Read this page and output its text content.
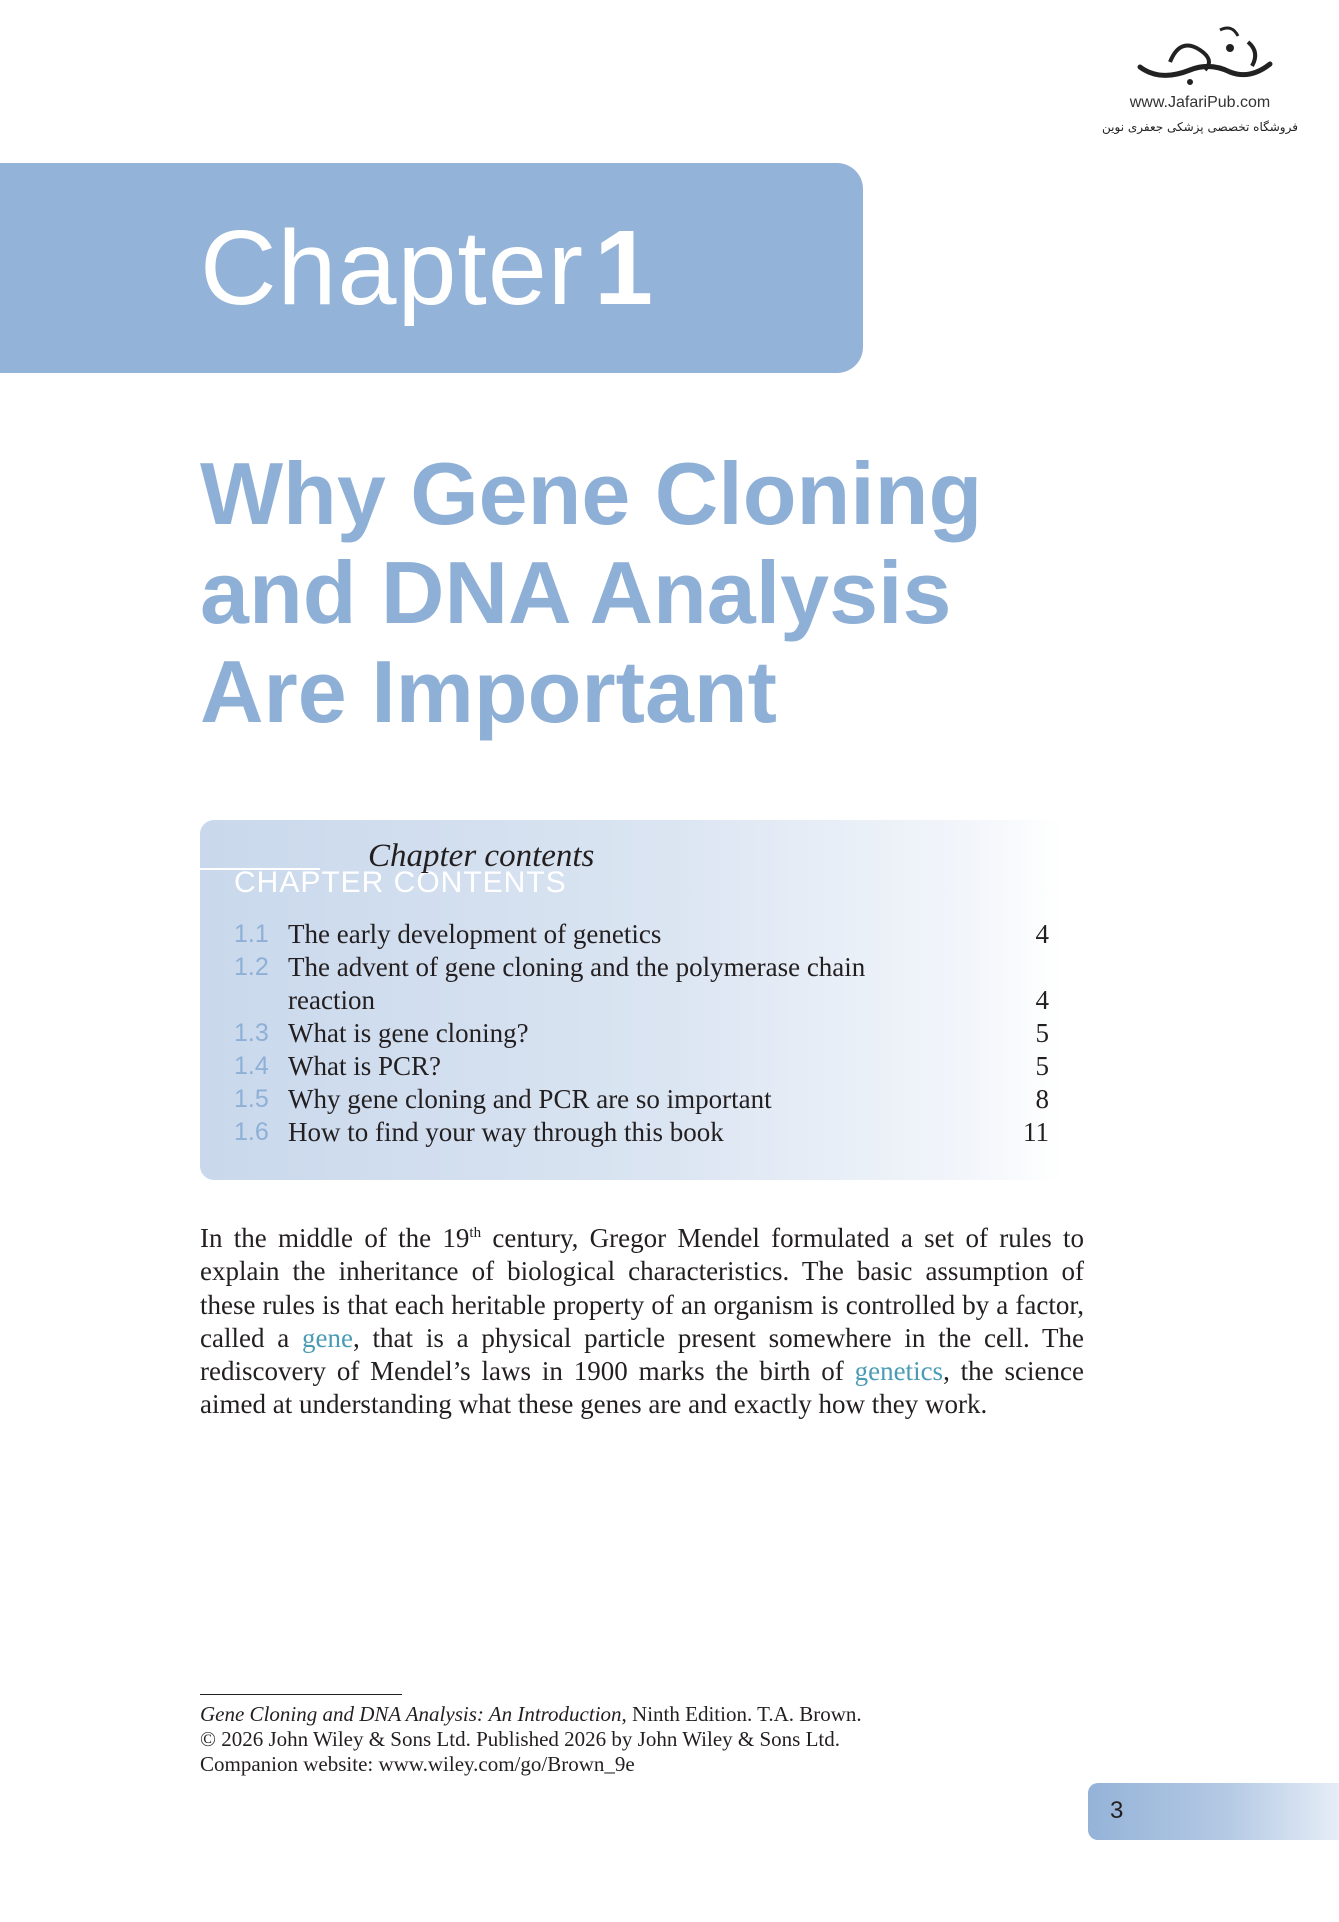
www.JafariPub.com
فروشگاه تخصصی پزشکی جعفری نوین
Chapter1
Why Gene Cloning
and DNA Analysis
Are Important
CHAPTER CONTENTS
Chapter contents
1.1 The early development of genetics	4
1.2 The advent of gene cloning and the polymerase chain reaction	4
1.3 What is gene cloning?	5
1.4 What is PCR?	5
1.5 Why gene cloning and PCR are so important	8
1.6 How to find your way through this book	11

In the middle of the 19th century, Gregor Mendel formulated a set of rules to explain the inheritance of biological characteristics. The basic assumption of these rules is that each heritable property of an organism is controlled by a factor, called a gene, that is a physical particle present somewhere in the cell. The rediscovery of Mendel’s laws in 1900 marks the birth of genetics, the science aimed at understanding what these genes are and exactly how they work.

Gene Cloning and DNA Analysis: An Introduction, Ninth Edition. T.A. Brown.
© 2026 John Wiley & Sons Ltd. Published 2026 by John Wiley & Sons Ltd.
Companion website: www.wiley.com/go/Brown_9e
3
